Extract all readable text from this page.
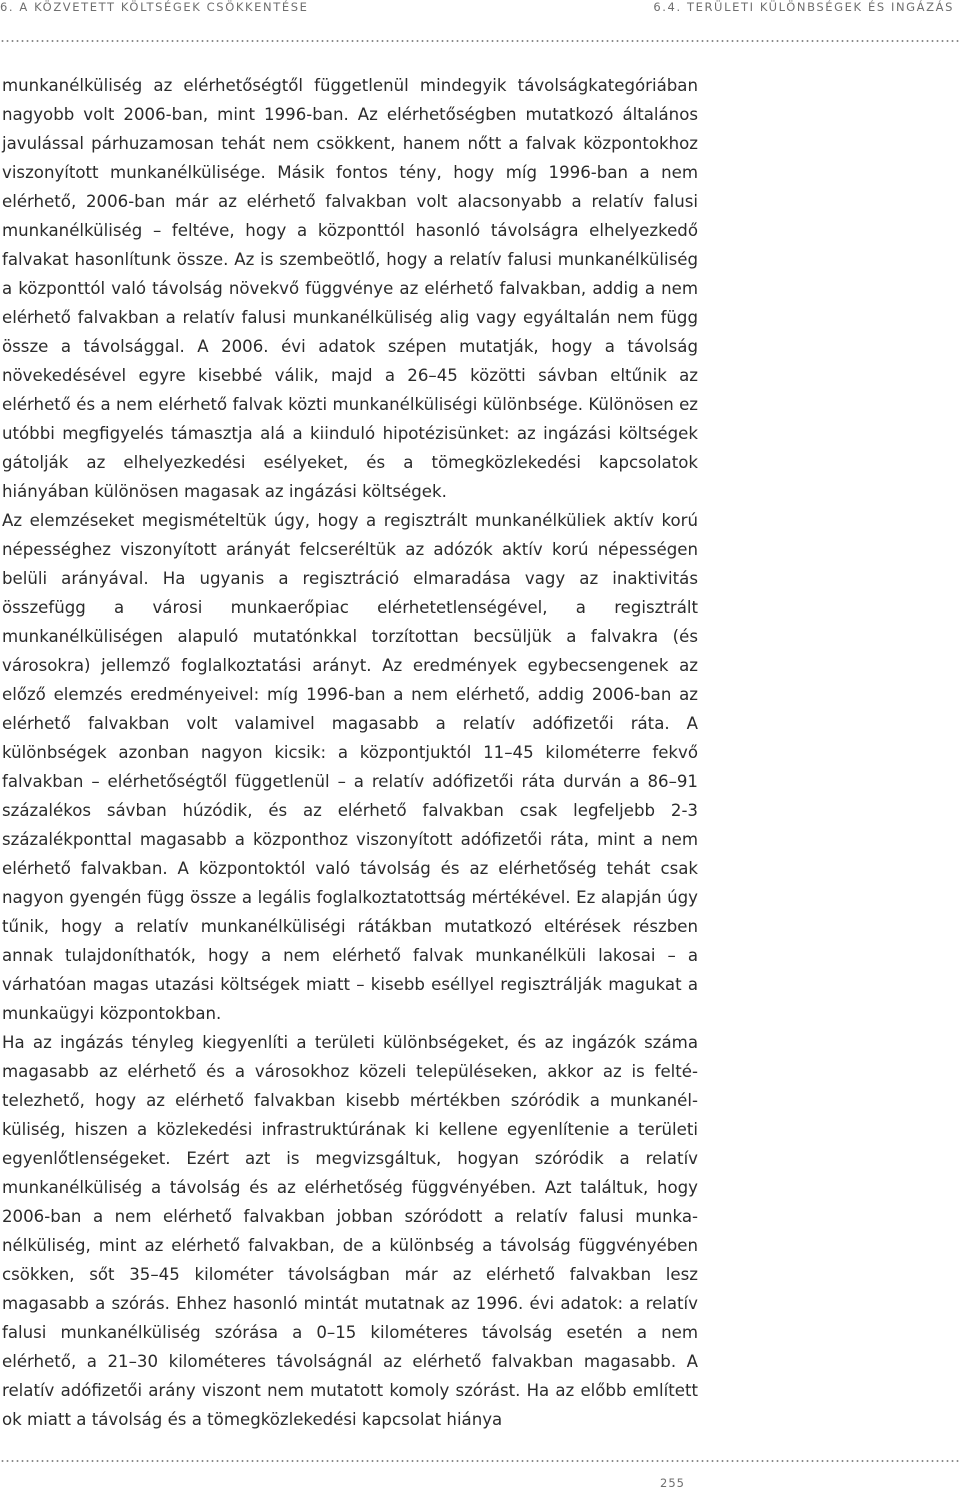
6. A KÖZVETETT KÖLTSÉGEK CSÖKKENTÉSE	6.4. TERÜLETI KÜLÖNBSÉGEK ÉS INGÁZÁS

munkanélküliség az elérhetőségtől függetlenül mindegyik távolságkategóriában nagyobb volt 2006-ban, mint 1996-ban. Az elérhetőségben mutatkozó általános javulással párhuzamosan tehát nem csökkent, hanem nőtt a falvak központokhoz viszonyított munkanélkülisége. Másik fontos tény, hogy míg 1996-ban a nem elérhető, 2006-ban már az elérhető falvakban volt alacsonyabb a relatív falusi munkanélküliség – feltéve, hogy a központtól hasonló távolságra elhelyezkedő falvakat hasonlítunk össze. Az is szembeötlő, hogy a relatív falusi munkanélküliség a központtól való távolság növekvő függvénye az elérhető falvakban, addig a nem elérhető falvakban a relatív falusi munkanélküliség alig vagy egyáltalán nem függ össze a távolsággal. A 2006. évi adatok szépen mutatják, hogy a távolság növekedésével egyre kisebbé válik, majd a 26–45 közötti sávban eltűnik az elérhető és a nem elérhető falvak közti munkanélküliségi különbsége. Különösen ez utóbbi megfigyelés támasztja alá a kiinduló hipotézisünket: az ingázási költségek gátolják az elhelyezkedési esélyeket, és a tömegközlekedési kapcsolatok hiányában különösen magasak az ingázási költségek.

Az elemzéseket megismételtük úgy, hogy a regisztrált munkanélküliek aktív korú népességhez viszonyított arányát felcseréltük az adózók aktív korú népességen belüli arányával. Ha ugyanis a regisztráció elmaradása vagy az inaktivitás összefügg a városi munkaerőpiac elérhetetlenségével, a regisztrált munkanélküliségen alapuló mutatónkkal torzítottan becsüljük a falvakra (és városokra) jellemző foglalkoztatási arányt. Az eredmények egybecsengenek az előző elemzés eredményeivel: míg 1996-ban a nem elérhető, addig 2006-ban az elérhető falvakban volt valamivel magasabb a relatív adófizetői ráta. A különbségek azonban nagyon kicsik: a központjuktól 11–45 kilométerre fekvő falvakban – elérhetőségtől függetlenül – a relatív adófizetői ráta durván a 86–91 százalékos sávban húzódik, és az elérhető falvakban csak legfeljebb 2-3 százalékponttal magasabb a központhoz viszonyított adófizetői ráta, mint a nem elérhető falvakban. A központoktól való távolság és az elérhetőség tehát csak nagyon gyengén függ össze a legális foglalkoztatottság mértékével. Ez alapján úgy tűnik, hogy a relatív munkanélküliségi rátákban mutatkozó eltérések részben annak tulajdoníthatók, hogy a nem elérhető falvak munkanélküli lakosai – a várhatóan magas utazási költségek miatt – kisebb eséllyel regisztrálják magukat a munkaügyi központokban.

Ha az ingázás tényleg kiegyenlíti a területi különbségeket, és az ingázók száma magasabb az elérhető és a városokhoz közeli településeken, akkor az is feltételezhető, hogy az elérhető falvakban kisebb mértékben szóródik a munkanélküliség, hiszen a közlekedési infrastruktúrának ki kellene egyenlítenie a területi egyenlőtlenségeket. Ezért azt is megvizsgáltuk, hogyan szóródik a relatív munkanélküliség a távolság és az elérhetőség függvényében. Azt találtuk, hogy 2006-ban a nem elérhető falvakban jobban szóródott a relatív falusi munkanélküliség, mint az elérhető falvakban, de a különbség a távolság függvényében csökken, sőt 35–45 kilométer távolságban már az elérhető falvakban lesz magasabb a szórás. Ehhez hasonló mintát mutatnak az 1996. évi adatok: a relatív falusi munkanélküliség szórása a 0–15 kilométeres távolság esetén a nem elérhető, a 21–30 kilométeres távolságnál az elérhető falvakban magasabb. A relatív adófizetői arány viszont nem mutatott komoly szórást. Ha az előbb említett ok miatt a távolság és a tömegközlekedési kapcsolat hiánya

255
